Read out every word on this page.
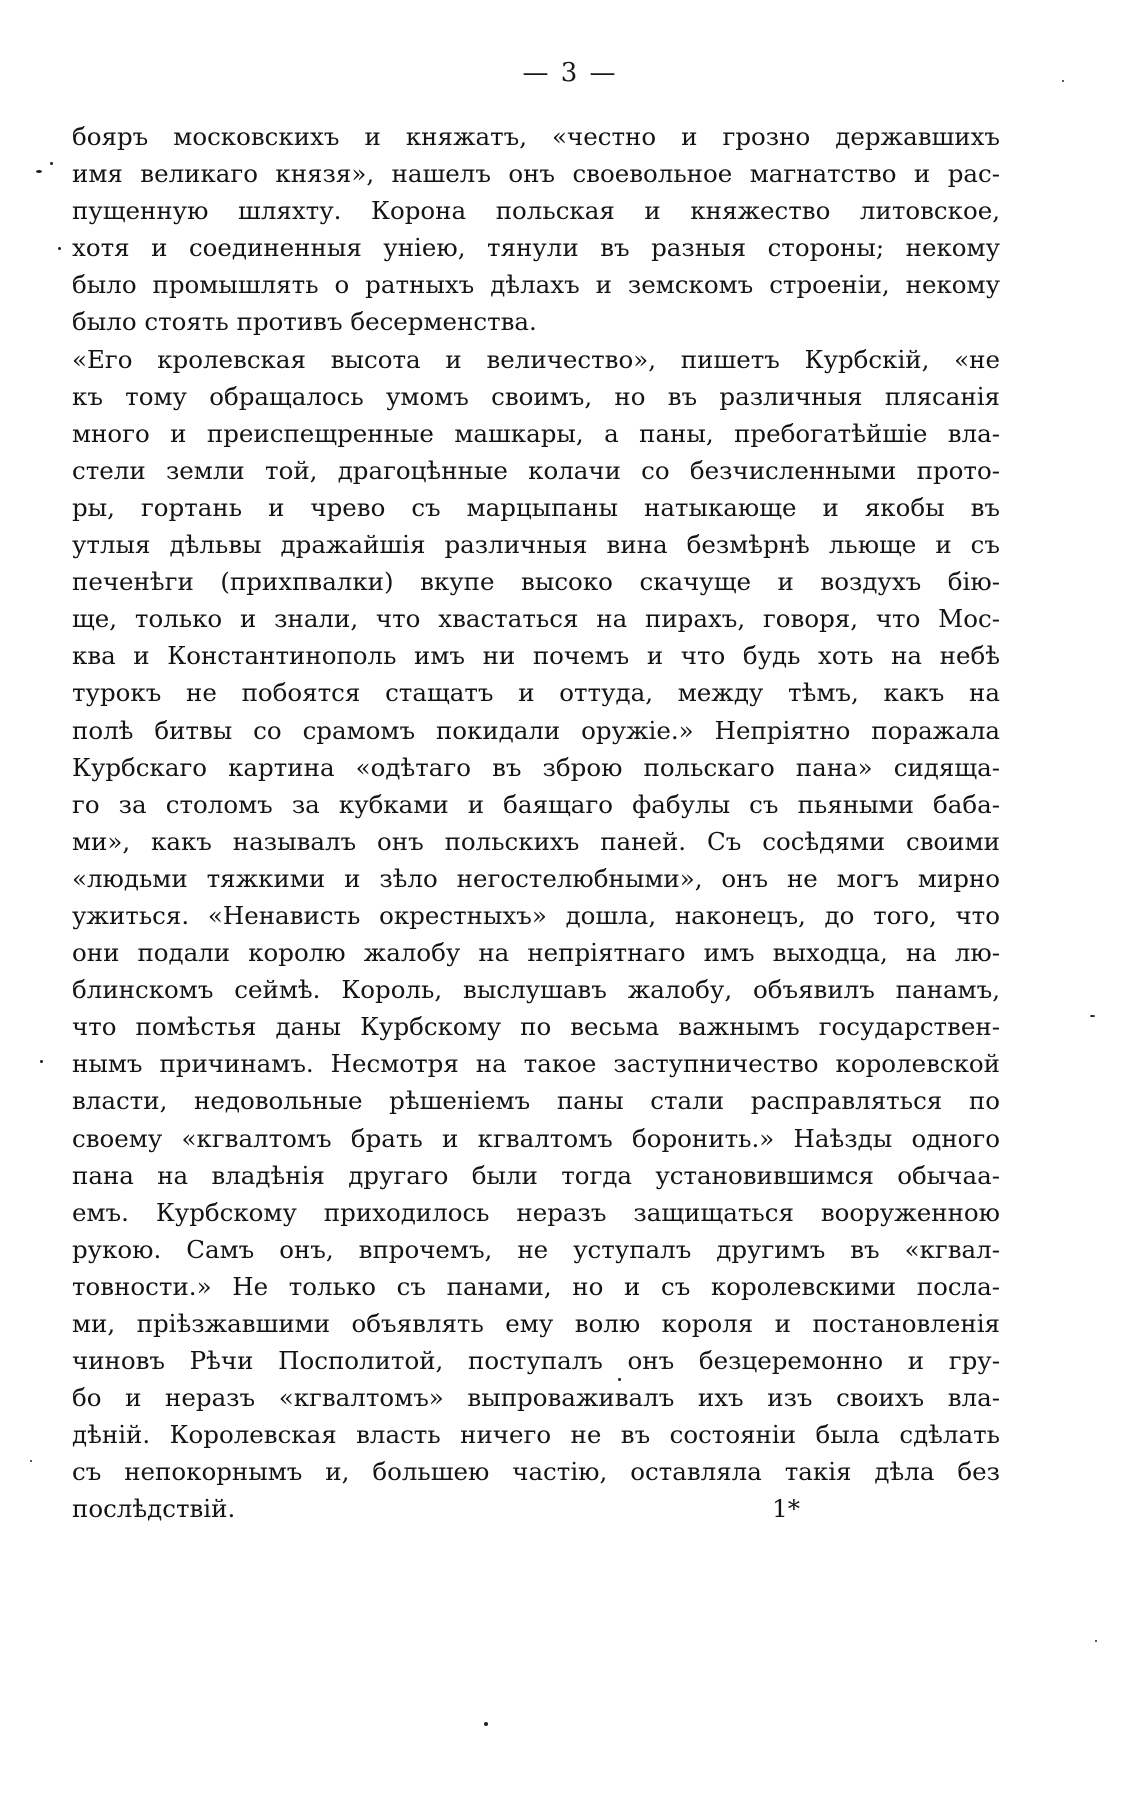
— 3 —
бояръ московскихъ и княжатъ, «честно и грозно державшихъ
имя великаго князя», нашелъ онъ своевольное магнатство и рас-
пущенную шляхту. Корона польская и княжество литовское,
хотя и соединенныя уніею, тянули въ разныя стороны; некому
было промышлять о ратныхъ дѣлахъ и земскомъ строеніи, некому
было стоять противъ бесерменства.
«Его кролевская высота и величество», пишетъ Курбскій, «не
къ тому обращалось умомъ своимъ, но въ различныя плясанія
много и преиспещренные машкары, а паны, пребогатѣйшіе вла-
стели земли той, драгоцѣнные колачи со безчисленными прото-
ры, гортань и чрево съ марцыпаны натыкающе и якобы въ
утлыя дѣльвы дражайшія различныя вина безмѣрнѣ льюще и съ
печенѣги (прихпвалки) вкупе высоко скачуще и воздухъ бію-
ще, только и знали, что хвастаться на пирахъ, говоря, что Мос-
ква и Константинополь имъ ни почемъ и что будь хоть на небѣ
турокъ не побоятся стащатъ и оттуда, между тѣмъ, какъ на
полѣ битвы со срамомъ покидали оружіе.» Непріятно поражала
Курбскаго картина «одѣтаго въ зброю польскаго пана» сидяща-
го за столомъ за кубками и баящаго фабулы съ пьяными баба-
ми», какъ называлъ онъ польскихъ паней. Съ сосѣдями своими
«людьми тяжкими и зѣло негостелюбными», онъ не могъ мирно
ужиться. «Ненависть окрестныхъ» дошла, наконецъ, до того, что
они подали королю жалобу на непріятнаго имъ выходца, на лю-
блинскомъ сеймѣ. Король, выслушавъ жалобу, объявилъ панамъ,
что помѣстья даны Курбскому по весьма важнымъ государствен-
нымъ причинамъ. Несмотря на такое заступничество королевской
власти, недовольные рѣшеніемъ паны стали расправляться по
своему «кгвалтомъ брать и кгвалтомъ боронить.» Наѣзды одного
пана на владѣнія другаго были тогда установившимся обычаа-
емъ. Курбскому приходилось неразъ защищаться вооруженною
рукою. Самъ онъ, впрочемъ, не уступалъ другимъ въ «кгвал-
товности.» Не только съ панами, но и съ королевскими посла-
ми, пріѣзжавшими объявлять ему волю короля и постановленія
чиновъ Рѣчи Посполитой, поступалъ онъ безцеремонно и гру-
бо и неразъ «кгвалтомъ» выпроваживалъ ихъ изъ своихъ вла-
дѣній. Королевская власть ничего не въ состояніи была сдѣлать
съ непокорнымъ и, большею частію, оставляла такія дѣла без
послѣдствій.	1*
